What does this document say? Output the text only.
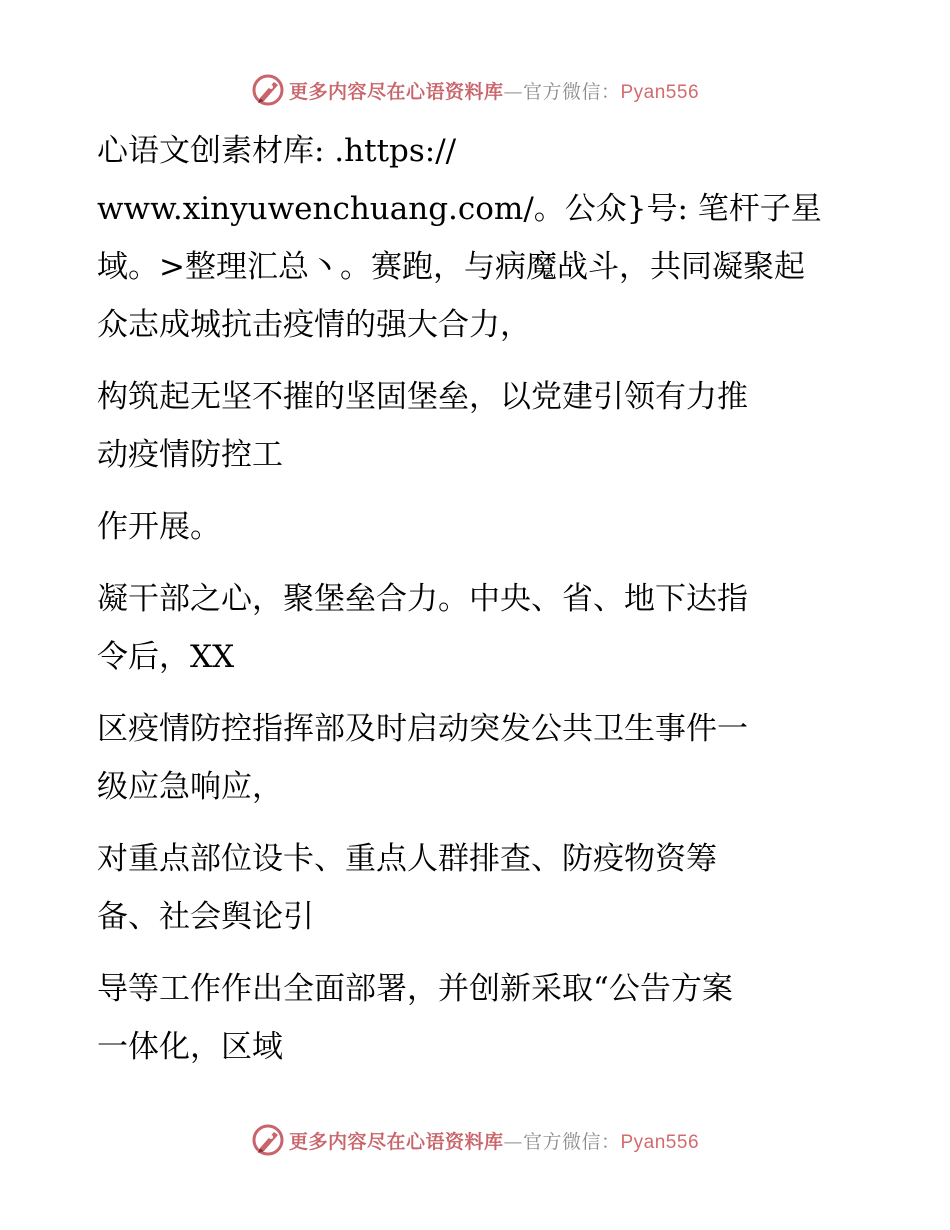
更多内容尽在心语资料库—官方微信：Pyan556

心语文创素材库: .https://
www.xinyuwenchuang.com/。公众}号: 笔杆子星
域。>整理汇总丶。赛跑，与病魔战斗，共同凝聚起
众志成城抗击疫情的强大合力，

构筑起无坚不摧的坚固堡垒，以党建引领有力推
动疫情防控工

作开展。

凝干部之心，聚堡垒合力。中央、省、地下达指
令后，XX

区疫情防控指挥部及时启动突发公共卫生事件一
级应急响应，

对重点部位设卡、重点人群排查、防疫物资筹
备、社会舆论引

导等工作作出全面部署，并创新采取“公告方案
一体化，区域

更多内容尽在心语资料库—官方微信：Pyan556
